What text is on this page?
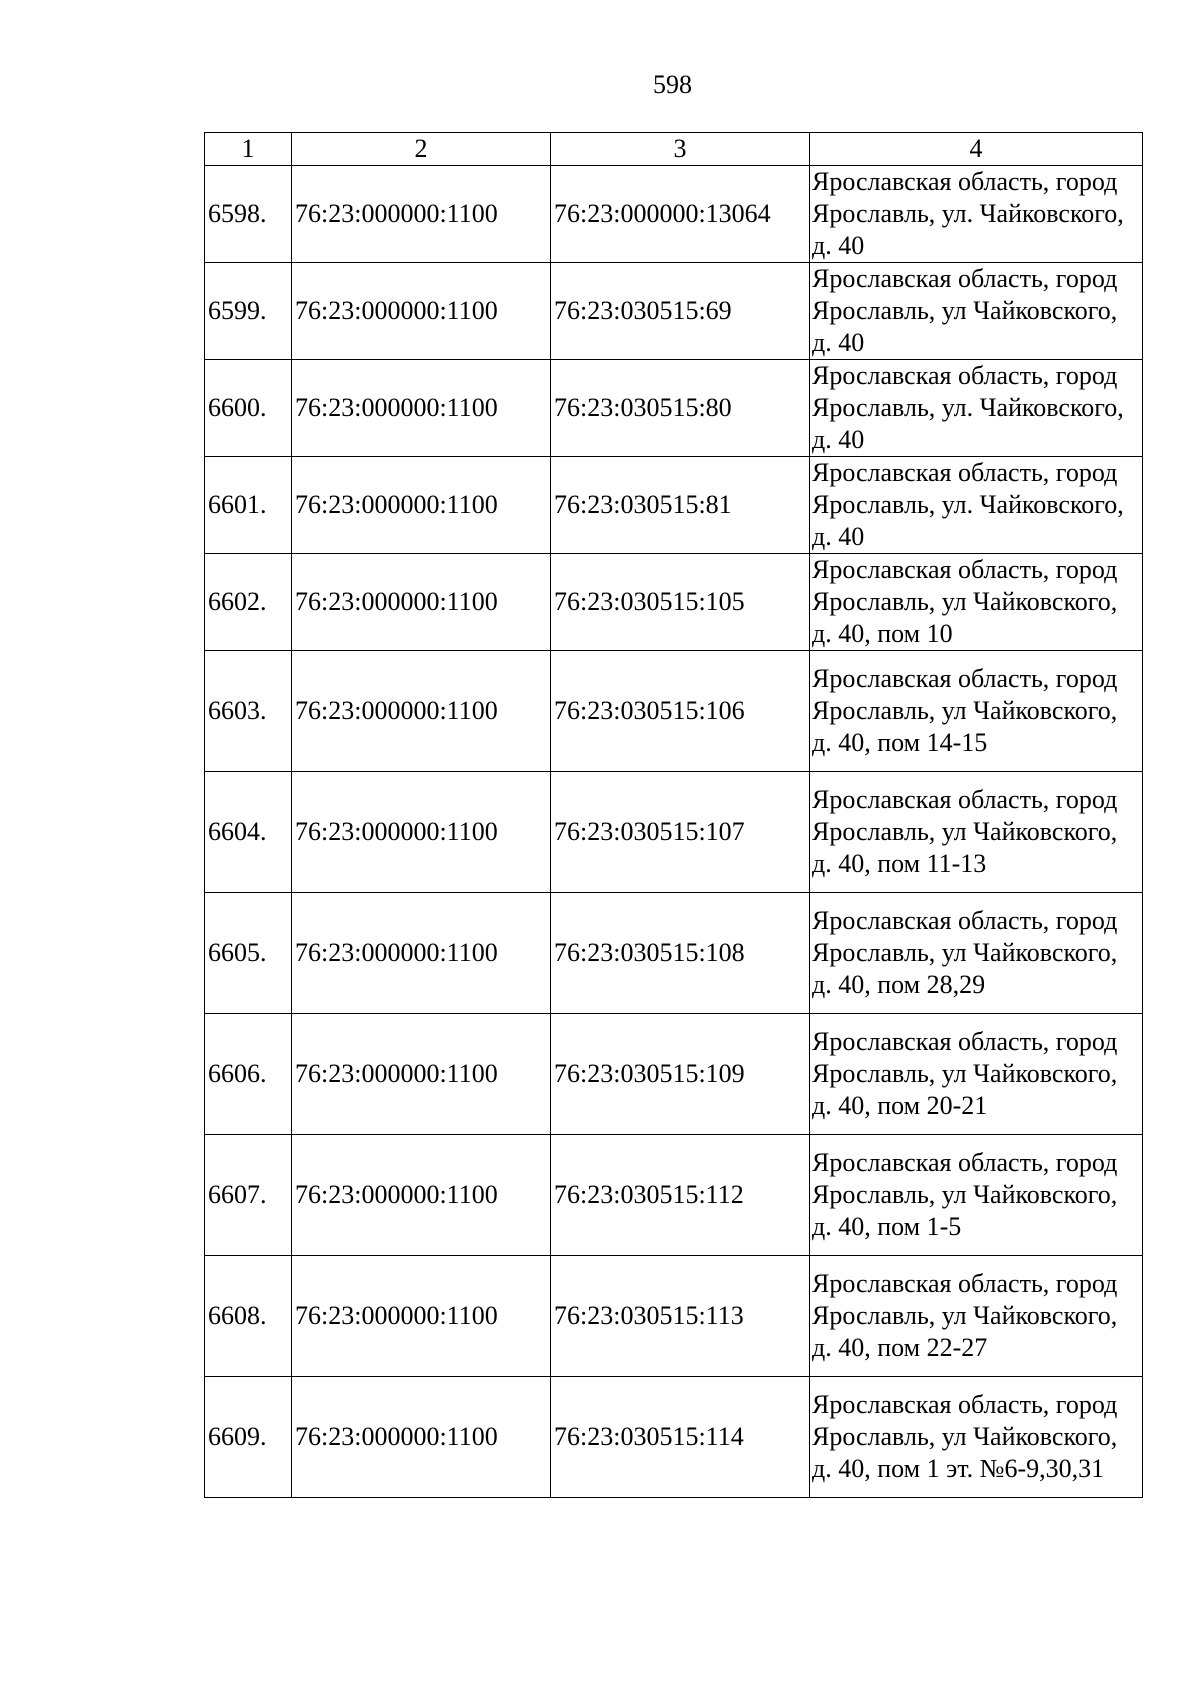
598
1	2	3	4
6598.	76:23:000000:1100	76:23:000000:13064	Ярославская область, город Ярославль, ул. Чайковского, д. 40
6599.	76:23:000000:1100	76:23:030515:69	Ярославская область, город Ярославль, ул Чайковского, д. 40
6600.	76:23:000000:1100	76:23:030515:80	Ярославская область, город Ярославль, ул. Чайковского, д. 40
6601.	76:23:000000:1100	76:23:030515:81	Ярославская область, город Ярославль, ул. Чайковского, д. 40
6602.	76:23:000000:1100	76:23:030515:105	Ярославская область, город Ярославль, ул Чайковского, д. 40, пом 10
6603.	76:23:000000:1100	76:23:030515:106	Ярославская область, город Ярославль, ул Чайковского, д. 40, пом 14-15
6604.	76:23:000000:1100	76:23:030515:107	Ярославская область, город Ярославль, ул Чайковского, д. 40, пом 11-13
6605.	76:23:000000:1100	76:23:030515:108	Ярославская область, город Ярославль, ул Чайковского, д. 40, пом 28,29
6606.	76:23:000000:1100	76:23:030515:109	Ярославская область, город Ярославль, ул Чайковского, д. 40, пом 20-21
6607.	76:23:000000:1100	76:23:030515:112	Ярославская область, город Ярославль, ул Чайковского, д. 40, пом 1-5
6608.	76:23:000000:1100	76:23:030515:113	Ярославская область, город Ярославль, ул Чайковского, д. 40, пом 22-27
6609.	76:23:000000:1100	76:23:030515:114	Ярославская область, город Ярославль, ул Чайковского, д. 40, пом 1 эт. №6-9,30,31
